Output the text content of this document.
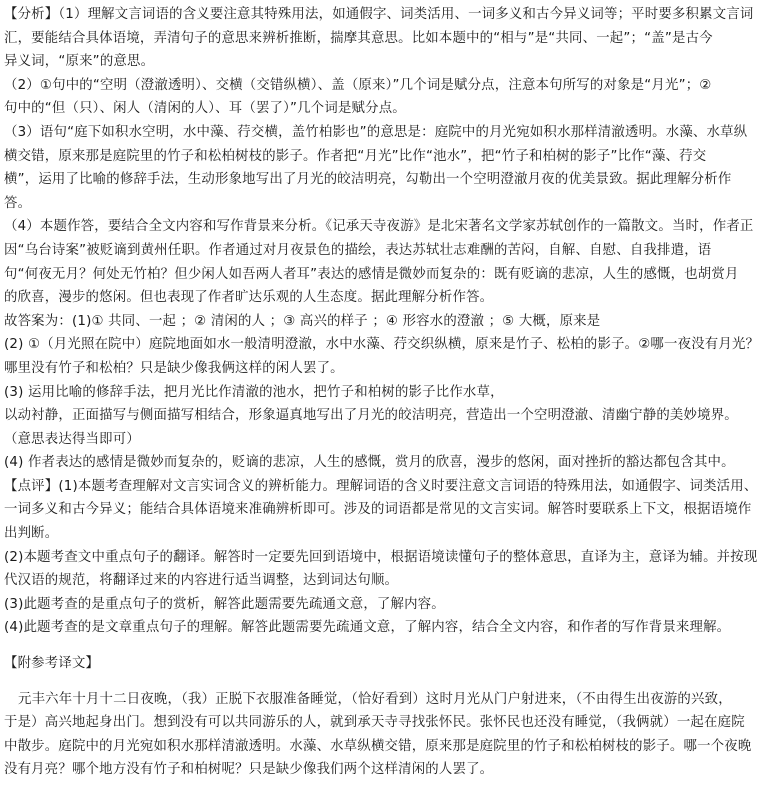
【分析】（1）理解文言词语的含义要注意其特殊用法，如通假字、词类活用、一词多义和古今异义词等；平时要多积累文言词
汇，要能结合具体语境，弄清句子的意思来辨析推断，揣摩其意思。比如本题中的“相与”是“共同、一起”；“盖”是古今
异义词，“原来”的意思。
（2）①句中的“空明（澄澈透明）、交横（交错纵横）、盖（原来）”几个词是赋分点，注意本句所写的对象是“月光”；②
句中的“但（只）、闲人（清闲的人）、耳（罢了）”几个词是赋分点。
（3）语句“庭下如积水空明，水中藻、荇交横，盖竹柏影也”的意思是：庭院中的月光宛如积水那样清澈透明。水藻、水草纵
横交错，原来那是庭院里的竹子和松柏树枝的影子。作者把“月光”比作“池水”，把“竹子和柏树的影子”比作“藻、荇交
横”，运用了比喻的修辞手法，生动形象地写出了月光的皎洁明亮，勾勒出一个空明澄澈月夜的优美景致。据此理解分析作
答。
（4）本题作答，要结合全文内容和写作背景来分析。《记承天寺夜游》是北宋著名文学家苏轼创作的一篇散文。当时，作者正
因“乌台诗案”被贬谪到黄州任职。作者通过对月夜景色的描绘，表达苏轼壮志难酬的苦闷，自解、自慰、自我排遣，语
句“何夜无月？何处无竹柏？但少闲人如吾两人者耳”表达的感情是微妙而复杂的：既有贬谪的悲凉，人生的感慨，也胡赏月
的欣喜，漫步的悠闲。但也表现了作者旷达乐观的人生态度。据此理解分析作答。
故答案为：(1)① 共同、一起 ；② 清闲的人 ；③ 高兴的样子 ；④ 形容水的澄澈 ；⑤ 大概，原来是
(2) ①（月光照在院中）庭院地面如水一般清明澄澈，水中水藻、荇交织纵横，原来是竹子、松柏的影子。②哪一夜没有月光？
哪里没有竹子和松柏？只是缺少像我俩这样的闲人罢了。
(3) 运用比喻的修辞手法，把月光比作清澈的池水，把竹子和柏树的影子比作水草，
以动衬静，正面描写与侧面描写相结合，形象逼真地写出了月光的皎洁明亮，营造出一个空明澄澈、清幽宁静的美妙境界。
（意思表达得当即可）
(4) 作者表达的感情是微妙而复杂的，贬谪的悲凉，人生的感慨，赏月的欣喜，漫步的悠闲，面对挫折的豁达都包含其中。
【点评】(1)本题考查理解对文言实词含义的辨析能力。理解词语的含义时要注意文言词语的特殊用法，如通假字、词类活用、
一词多义和古今异义；能结合具体语境来准确辨析即可。涉及的词语都是常见的文言实词。解答时要联系上下文，根据语境作
出判断。
(2)本题考查文中重点句子的翻译。解答时一定要先回到语境中，根据语境读懂句子的整体意思，直译为主，意译为辅。并按现
代汉语的规范，将翻译过来的内容进行适当调整，达到词达句顺。
(3)此题考查的是重点句子的赏析，解答此题需要先疏通文意，了解内容。
(4)此题考查的是文章重点句子的理解。解答此题需要先疏通文意，了解内容，结合全文内容，和作者的写作背景来理解。
【附参考译文】
元丰六年十月十二日夜晚，（我）正脱下衣服准备睡觉，（恰好看到）这时月光从门户射进来，（不由得生出夜游的兴致，
于是）高兴地起身出门。想到没有可以共同游乐的人，就到承天寺寻找张怀民。张怀民也还没有睡觉，（我俩就）一起在庭院
中散步。庭院中的月光宛如积水那样清澈透明。水藻、水草纵横交错，原来那是庭院里的竹子和松柏树枝的影子。哪一个夜晚
没有月亮？哪个地方没有竹子和柏树呢？只是缺少像我们两个这样清闲的人罢了。
